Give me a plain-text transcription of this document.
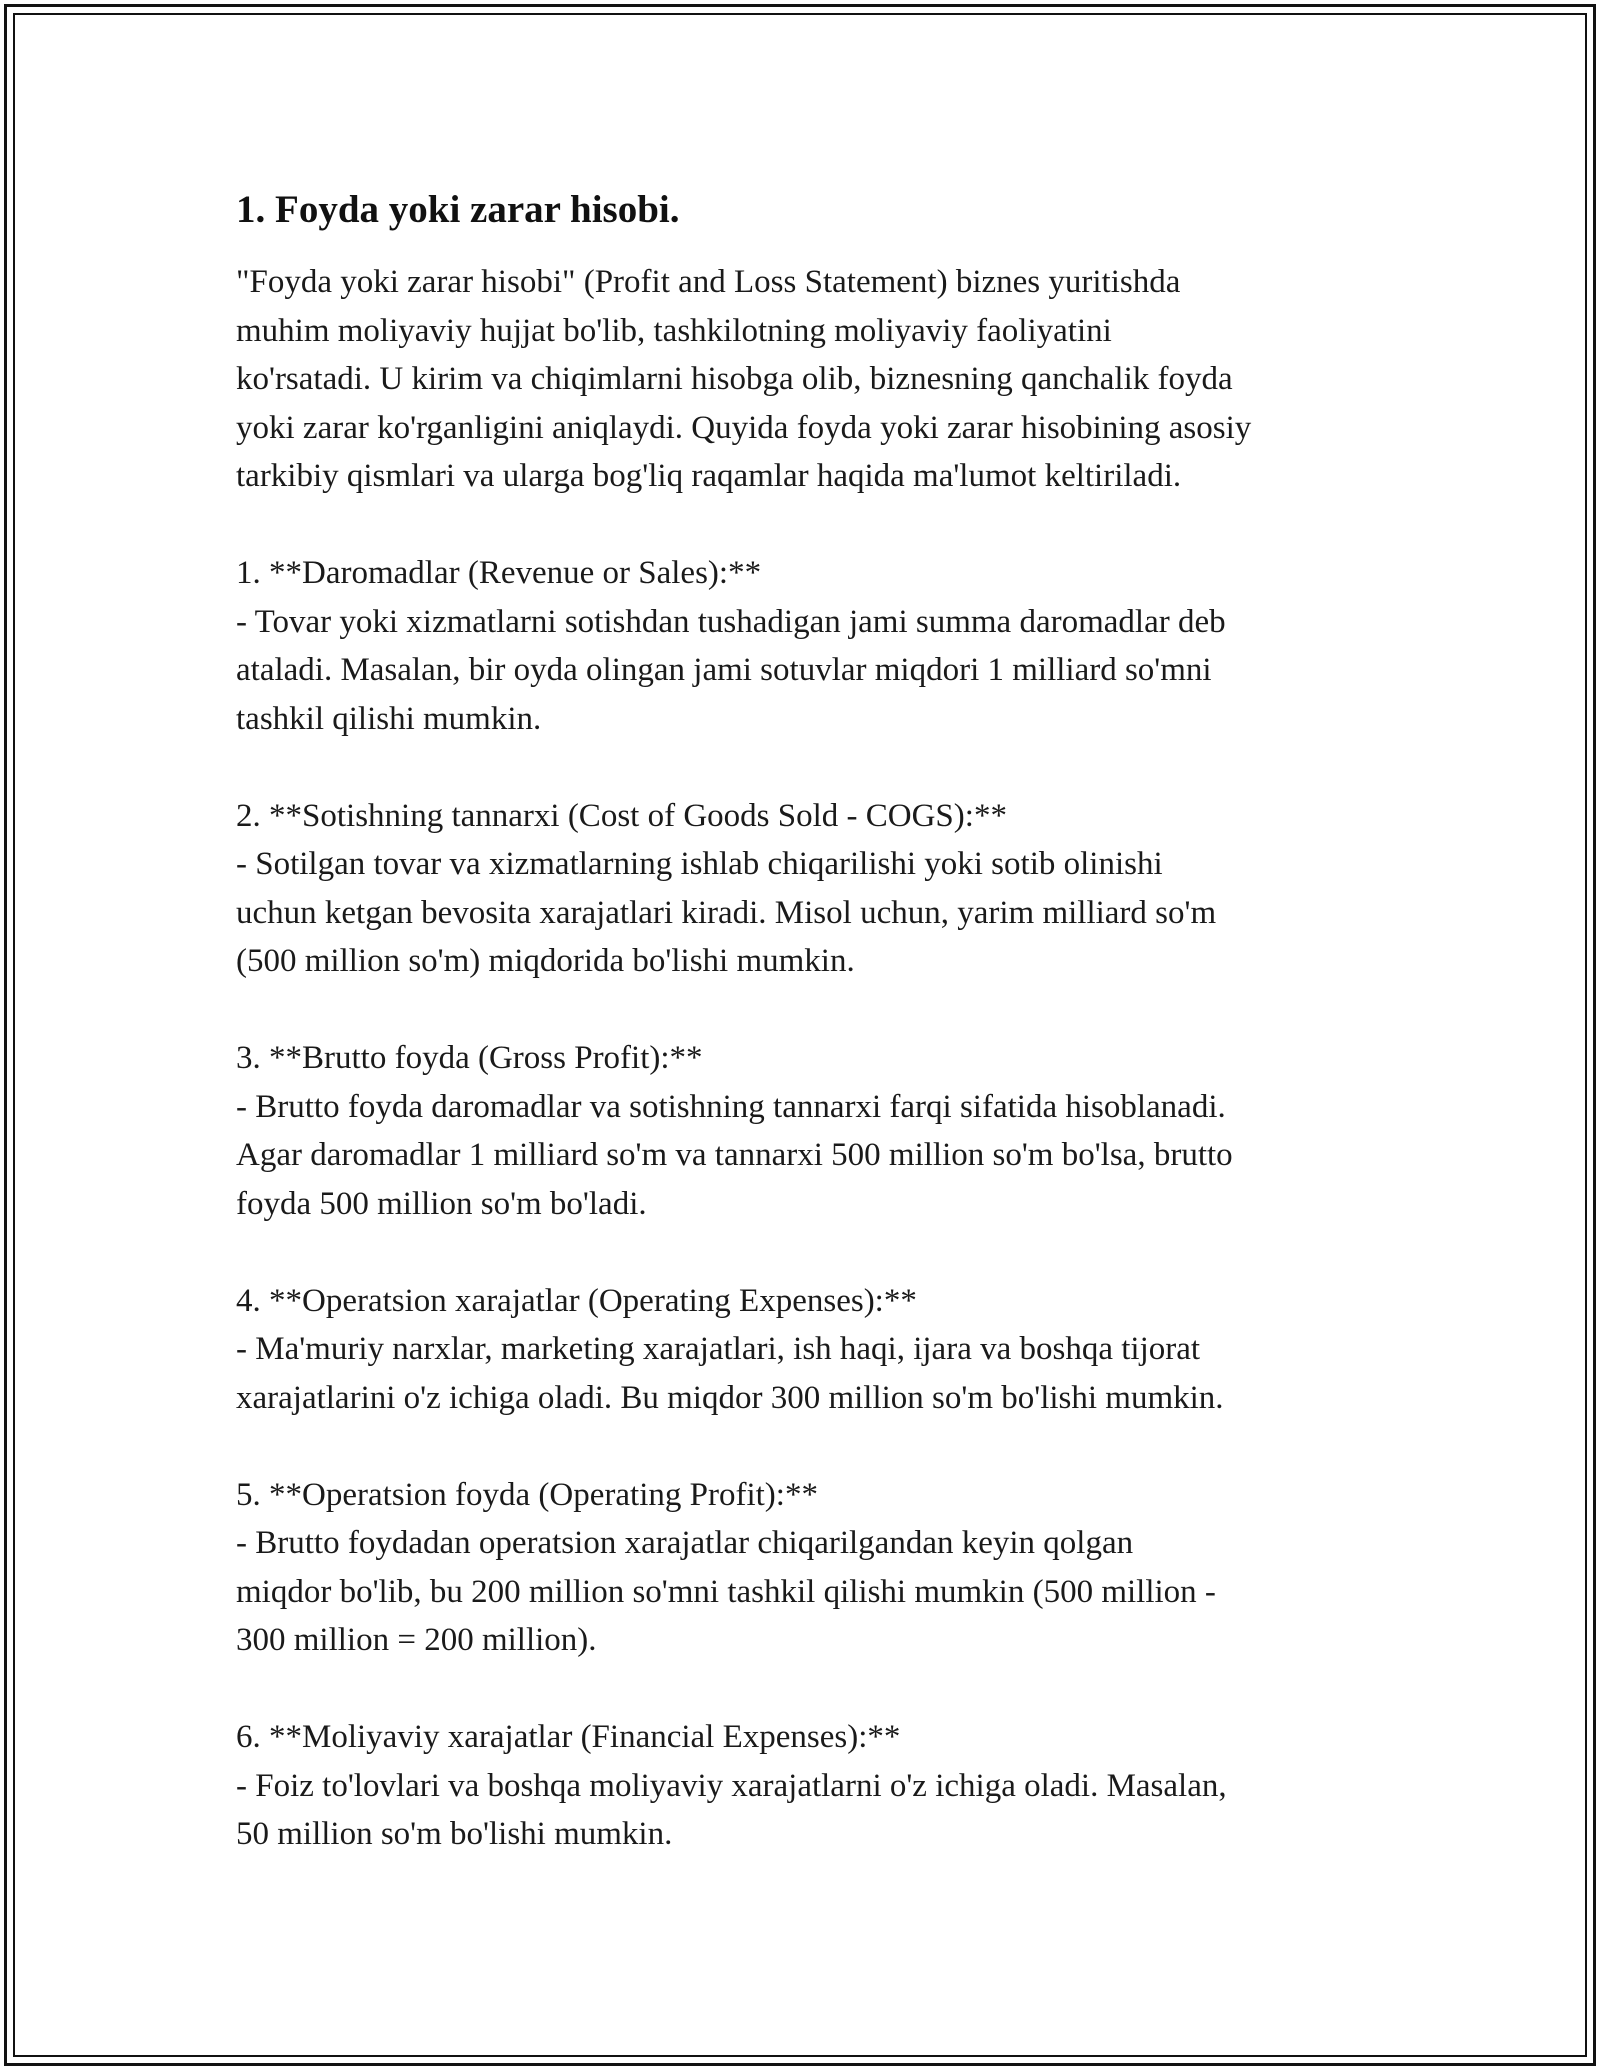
1. Foyda yoki zarar hisobi.

"Foyda yoki zarar hisobi" (Profit and Loss Statement) biznes yuritishda
muhim moliyaviy hujjat bo'lib, tashkilotning moliyaviy faoliyatini
ko'rsatadi. U kirim va chiqimlarni hisobga olib, biznesning qanchalik foyda
yoki zarar ko'rganligini aniqlaydi. Quyida foyda yoki zarar hisobining asosiy
tarkibiy qismlari va ularga bog'liq raqamlar haqida ma'lumot keltiriladi.

1. **Daromadlar (Revenue or Sales):**

- Tovar yoki xizmatlarni sotishdan tushadigan jami summa daromadlar deb
ataladi. Masalan, bir oyda olingan jami sotuvlar miqdori 1 milliard so'mni
tashkil qilishi mumkin.

2. **Sotishning tannarxi (Cost of Goods Sold - COGS):**

- Sotilgan tovar va xizmatlarning ishlab chiqarilishi yoki sotib olinishi
uchun ketgan bevosita xarajatlari kiradi. Misol uchun, yarim milliard so'm
(500 million so'm) miqdorida bo'lishi mumkin.

3. **Brutto foyda (Gross Profit):**

- Brutto foyda daromadlar va sotishning tannarxi farqi sifatida hisoblanadi.
Agar daromadlar 1 milliard so'm va tannarxi 500 million so'm bo'lsa, brutto
foyda 500 million so'm bo'ladi.

4. **Operatsion xarajatlar (Operating Expenses):**

- Ma'muriy narxlar, marketing xarajatlari, ish haqi, ijara va boshqa tijorat
xarajatlarini o'z ichiga oladi. Bu miqdor 300 million so'm bo'lishi mumkin.

5. **Operatsion foyda (Operating Profit):**

- Brutto foydadan operatsion xarajatlar chiqarilgandan keyin qolgan
miqdor bo'lib, bu 200 million so'mni tashkil qilishi mumkin (500 million -
300 million = 200 million).

6. **Moliyaviy xarajatlar (Financial Expenses):**

- Foiz to'lovlari va boshqa moliyaviy xarajatlarni o'z ichiga oladi. Masalan,
50 million so'm bo'lishi mumkin.
